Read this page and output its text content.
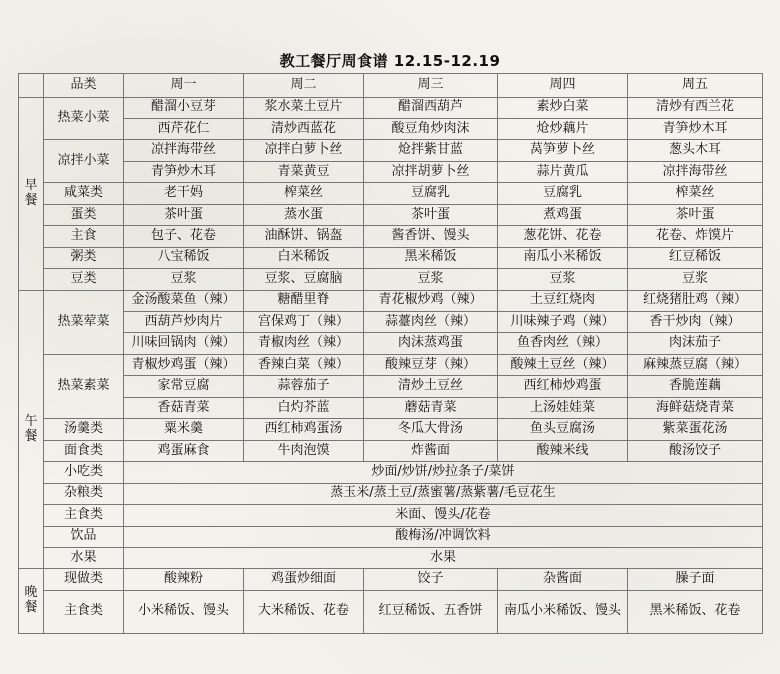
教工餐厅周食谱 12.15-12.19
	品类	周一	周二	周三	周四	周五
早
餐	热菜小菜	醋溜小豆芽	浆水菜土豆片	醋溜西葫芦	素炒白菜	清炒有西兰花
		西芹花仁	清炒西蓝花	酸豆角炒肉沫	炝炒藕片	青笋炒木耳
	凉拌小菜	凉拌海带丝	凉拌白萝卜丝	炝拌紫甘蓝	莴笋萝卜丝	葱头木耳
		青笋炒木耳	青菜黄豆	凉拌胡萝卜丝	蒜片黄瓜	凉拌海带丝
	咸菜类	老干妈	榨菜丝	豆腐乳	豆腐乳	榨菜丝
	蛋类	茶叶蛋	蒸水蛋	茶叶蛋	煮鸡蛋	茶叶蛋
	主食	包子、花卷	油酥饼、锅盔	酱香饼、馒头	葱花饼、花卷	花卷、炸馍片
	粥类	八宝稀饭	白米稀饭	黑米稀饭	南瓜小米稀饭	红豆稀饭
	豆类	豆浆	豆浆、豆腐脑	豆浆	豆浆	豆浆
午
餐	热菜荤菜	金汤酸菜鱼（辣）	糖醋里脊	青花椒炒鸡（辣）	土豆红烧肉	红烧猪肚鸡（辣）
		西葫芦炒肉片	宫保鸡丁（辣）	蒜薹肉丝（辣）	川味辣子鸡（辣）	香干炒肉（辣）
		川味回锅肉（辣）	青椒肉丝（辣）	肉沫蒸鸡蛋	鱼香肉丝（辣）	肉沫茄子
	热菜素菜	青椒炒鸡蛋（辣）	香辣白菜（辣）	酸辣豆芽（辣）	酸辣土豆丝（辣）	麻辣蒸豆腐（辣）
		家常豆腐	蒜蓉茄子	清炒土豆丝	西红柿炒鸡蛋	香脆莲藕
		香菇青菜	白灼芥蓝	蘑菇青菜	上汤娃娃菜	海鲜菇烧青菜
	汤羹类	粟米羹	西红柿鸡蛋汤	冬瓜大骨汤	鱼头豆腐汤	紫菜蛋花汤
	面食类	鸡蛋麻食	牛肉泡馍	炸酱面	酸辣米线	酸汤饺子
	小吃类	炒面/炒饼/炒拉条子/菜饼				
	杂粮类	蒸玉米/蒸土豆/蒸蜜薯/蒸紫薯/毛豆花生				
	主食类	米面、馒头/花卷				
	饮品	酸梅汤/冲调饮料				
	水果	水果				
晚
餐	现做类	酸辣粉	鸡蛋炒细面	饺子	杂酱面	臊子面
	主食类	小米稀饭、馒头	大米稀饭、花卷	红豆稀饭、五香饼	南瓜小米稀饭、馒头	黑米稀饭、花卷
